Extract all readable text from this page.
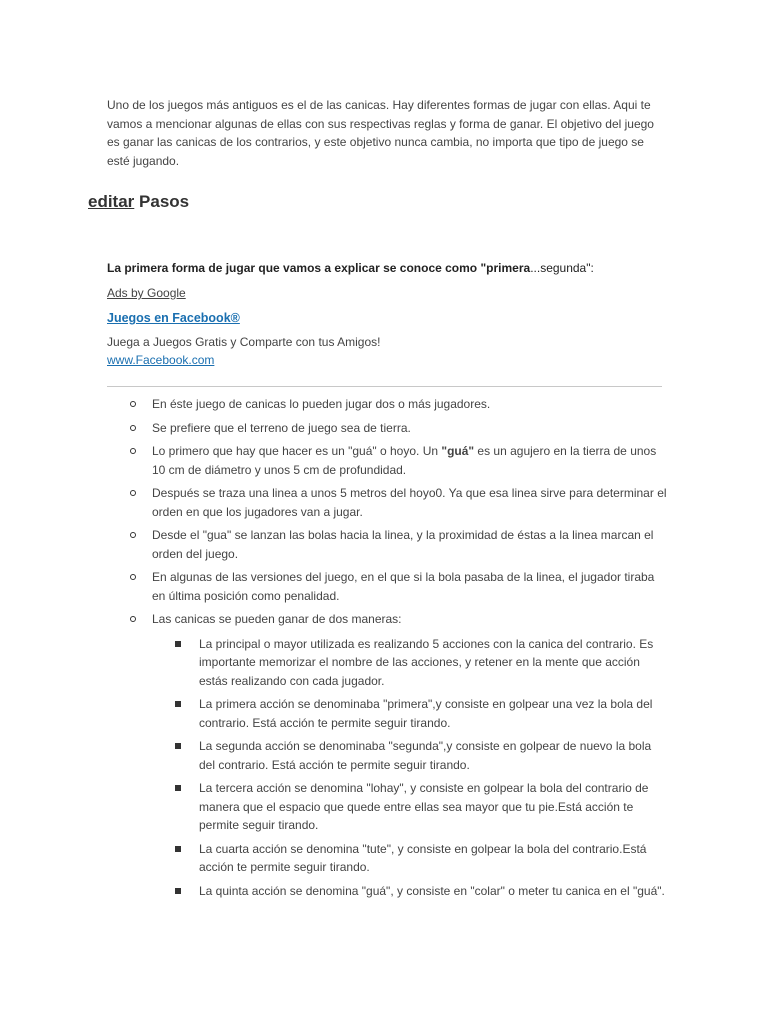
Uno de los juegos más antiguos es el de las canicas. Hay diferentes formas de jugar con ellas. Aqui te vamos a mencionar algunas de ellas con sus respectivas reglas y forma de ganar. El objetivo del juego es ganar las canicas de los contrarios, y este objetivo nunca cambia, no importa que tipo de juego se esté jugando.

editar Pasos

La primera forma de jugar que vamos a explicar se conoce como "primera...segunda":

Ads by Google
Juegos en Facebook®
Juega a Juegos Gratis y Comparte con tus Amigos!
www.Facebook.com
En éste juego de canicas lo pueden jugar dos o más jugadores.
Se prefiere que el terreno de juego sea de tierra.
Lo primero que hay que hacer es un "guá" o hoyo. Un "guá" es un agujero en la tierra de unos 10 cm de diámetro y unos 5 cm de profundidad.
Después se traza una linea a unos 5 metros del hoyo0. Ya que esa linea sirve para determinar el orden en que los jugadores van a jugar.
Desde el "gua" se lanzan las bolas hacia la linea, y la proximidad de éstas a la linea marcan el orden del juego.
En algunas de las versiones del juego, en el que si la bola pasaba de la linea, el jugador tiraba en última posición como penalidad.
Las canicas se pueden ganar de dos maneras:
La principal o mayor utilizada es realizando 5 acciones con la canica del contrario. Es importante memorizar el nombre de las acciones, y retener en la mente que acción estás realizando con cada jugador.
La primera acción se denominaba "primera",y consiste en golpear una vez la bola del contrario. Está acción te permite seguir tirando.
La segunda acción se denominaba "segunda",y consiste en golpear de nuevo la bola del contrario. Está acción te permite seguir tirando.
La tercera acción se denomina "lohay", y consiste en golpear la bola del contrario de manera que el espacio que quede entre ellas sea mayor que tu pie.Está acción te permite seguir tirando.
La cuarta acción se denomina "tute", y consiste en golpear la bola del contrario.Está acción te permite seguir tirando.
La quinta acción se denomina "guá", y consiste en "colar" o meter tu canica en el "guá".
